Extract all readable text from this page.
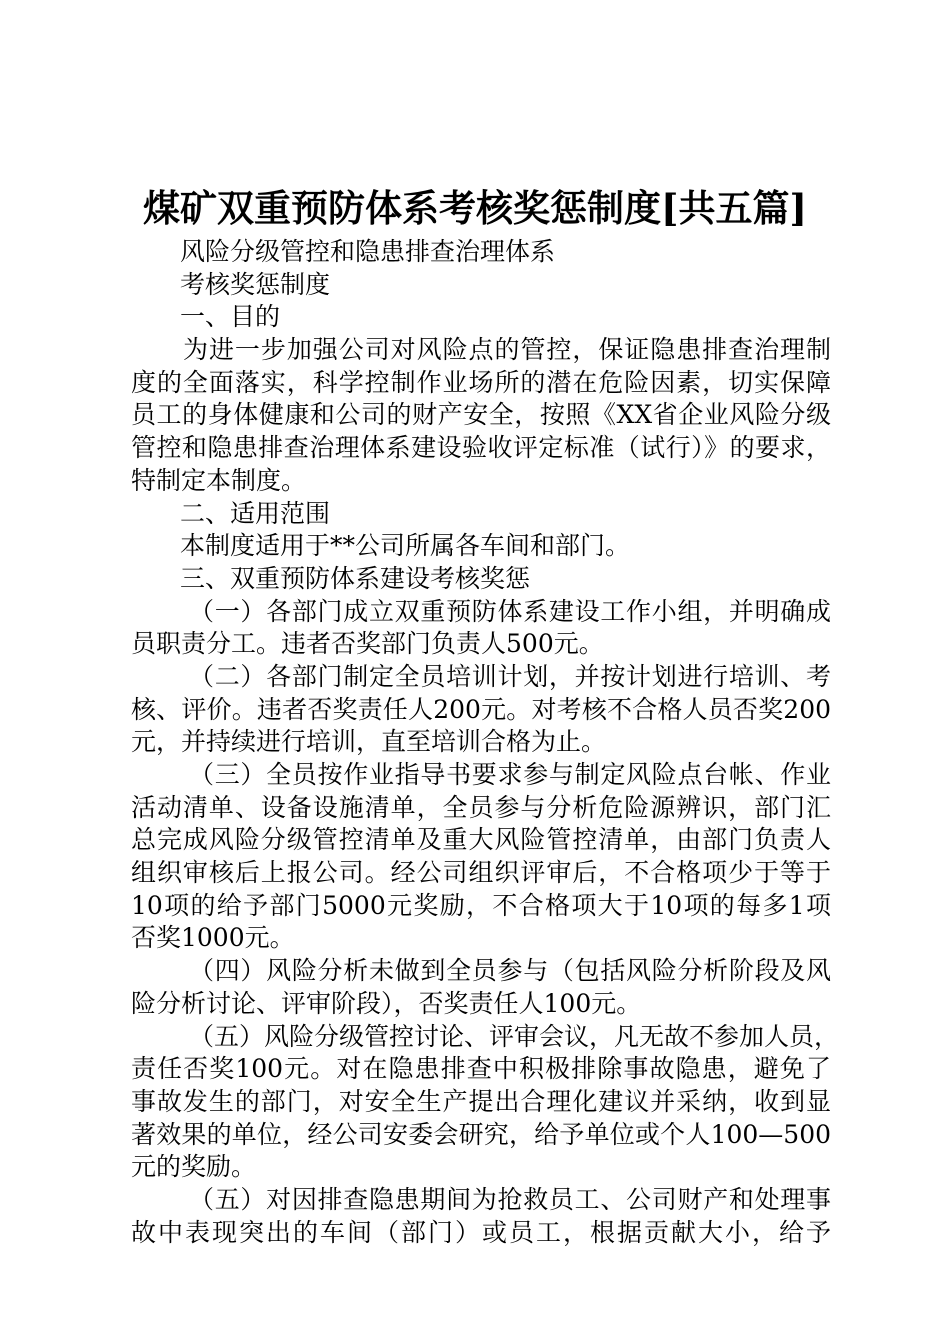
煤矿双重预防体系考核奖惩制度[共五篇]
风险分级管控和隐患排查治理体系
考核奖惩制度
一、目的
为进一步加强公司对风险点的管控，保证隐患排查治理制
度的全面落实，科学控制作业场所的潜在危险因素，切实保障
员工的身体健康和公司的财产安全，按照《XX省企业风险分级
管控和隐患排查治理体系建设验收评定标准（试行）》的要求，
特制定本制度。
二、适用范围
本制度适用于**公司所属各车间和部门。
三、双重预防体系建设考核奖惩
（一）各部门成立双重预防体系建设工作小组，并明确成
员职责分工。违者否奖部门负责人500元。
（二）各部门制定全员培训计划，并按计划进行培训、考
核、评价。违者否奖责任人200元。对考核不合格人员否奖200
元，并持续进行培训，直至培训合格为止。
（三）全员按作业指导书要求参与制定风险点台帐、作业
活动清单、设备设施清单，全员参与分析危险源辨识，部门汇
总完成风险分级管控清单及重大风险管控清单，由部门负责人
组织审核后上报公司。经公司组织评审后，不合格项少于等于
10项的给予部门5000元奖励，不合格项大于10项的每多1项
否奖1000元。
（四）风险分析未做到全员参与（包括风险分析阶段及风
险分析讨论、评审阶段），否奖责任人100元。
（五）风险分级管控讨论、评审会议，凡无故不参加人员，
责任否奖100元。对在隐患排查中积极排除事故隐患，避免了
事故发生的部门，对安全生产提出合理化建议并采纳，收到显
著效果的单位，经公司安委会研究，给予单位或个人100—500
元的奖励。
（五）对因排查隐患期间为抢救员工、公司财产和处理事
故中表现突出的车间（部门）或员工，根据贡献大小，给予
